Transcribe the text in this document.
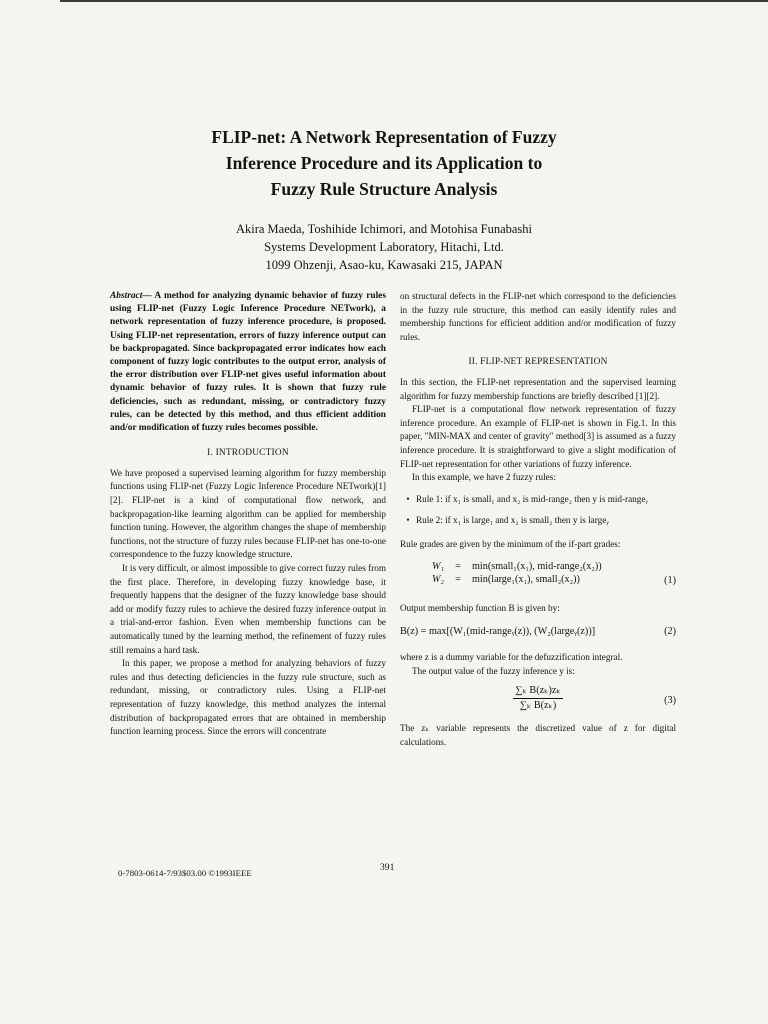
FLIP-net: A Network Representation of Fuzzy
Inference Procedure and its Application to
Fuzzy Rule Structure Analysis
Akira Maeda, Toshihide Ichimori, and Motohisa Funabashi
Systems Development Laboratory, Hitachi, Ltd.
1099 Ohzenji, Asao-ku, Kawasaki 215, JAPAN

Abstract— A method for analyzing dynamic behavior of fuzzy rules using FLIP-net (Fuzzy Logic Inference Procedure NETwork), a network representation of fuzzy inference procedure, is proposed. Using FLIP-net representation, errors of fuzzy inference output can be backpropagated. Since backpropagated error indicates how each component of fuzzy logic contributes to the output error, analysis of the error distribution over FLIP-net gives useful information about dynamic behavior of fuzzy rules. It is shown that fuzzy rule deficiencies, such as redundant, missing, or contradictory fuzzy rules, can be detected by this method, and thus efficient addition and/or modification of fuzzy rules becomes possible.

I. INTRODUCTION

We have proposed a supervised learning algorithm for fuzzy membership functions using FLIP-net (Fuzzy Logic Inference Procedure NETwork)[1][2]. FLIP-net is a kind of computational flow network, and backpropagation-like learning algorithm can be applied for membership function tuning. However, the algorithm changes the shape of membership functions, not the structure of fuzzy rules because FLIP-net has one-to-one correspondence to the fuzzy knowledge structure.

It is very difficult, or almost impossible to give correct fuzzy rules from the first place. Therefore, in developing fuzzy knowledge base, it frequently happens that the designer of the fuzzy knowledge base should add or modify fuzzy rules to achieve the desired fuzzy inference output in a trial-and-error fashion. Even when membership functions can be automatically tuned by the learning method, the refinement of fuzzy rules still remains a hard task.

In this paper, we propose a method for analyzing behaviors of fuzzy rules and thus detecting deficiencies in the fuzzy rule structure, such as redundant, missing, or contradictory rules. Using a FLIP-net representation of fuzzy knowledge, this method analyzes the internal distribution of backpropagated errors that are obtained in membership function learning process. Since the errors will concentrate

on structural defects in the FLIP-net which correspond to the deficiencies in the fuzzy rule structure, this method can easily identify rules and membership functions for efficient addition and/or modification of fuzzy rules.

II. FLIP-NET REPRESENTATION

In this section, the FLIP-net representation and the supervised learning algorithm for fuzzy membership functions are briefly described [1][2].

FLIP-net is a computational flow network representation of fuzzy inference procedure. An example of FLIP-net is shown in Fig.1. In this paper, "MIN-MAX and center of gravity" method[3] is assumed as a fuzzy inference procedure. It is straightforward to give a slight modification of FLIP-net representation for other variations of fuzzy inference.

In this example, we have 2 fuzzy rules:

• Rule 1: if x₁ is small₁ and x₂ is mid-range₂ then y is mid-rangeᵧ
• Rule 2: if x₁ is large₁ and x₂ is small₂ then y is largeᵧ

Rule grades are given by the minimum of the if-part grades:

W₁	=	min(small₁(x₁), mid-range₂(x₂))
W₂	=	min(large₁(x₁), small₂(x₂))	(1)

Output membership function B is given by:

B(z) = max[(W₁(mid-rangeᵧ(z)), (W₂(largeᵧ(z))]	(2)

where z is a dummy variable for the defuzzification integral.

The output value of the fuzzy inference y is:

$\frac{\text{∑ₖ B(zₖ)zₖ}}{\text{∑ₖ B(zₖ)}}$	(3)

The zₖ variable represents the discretized value of z for digital calculations.

0-7803-0614-7/93$03.00 ©1993IEEE	391
